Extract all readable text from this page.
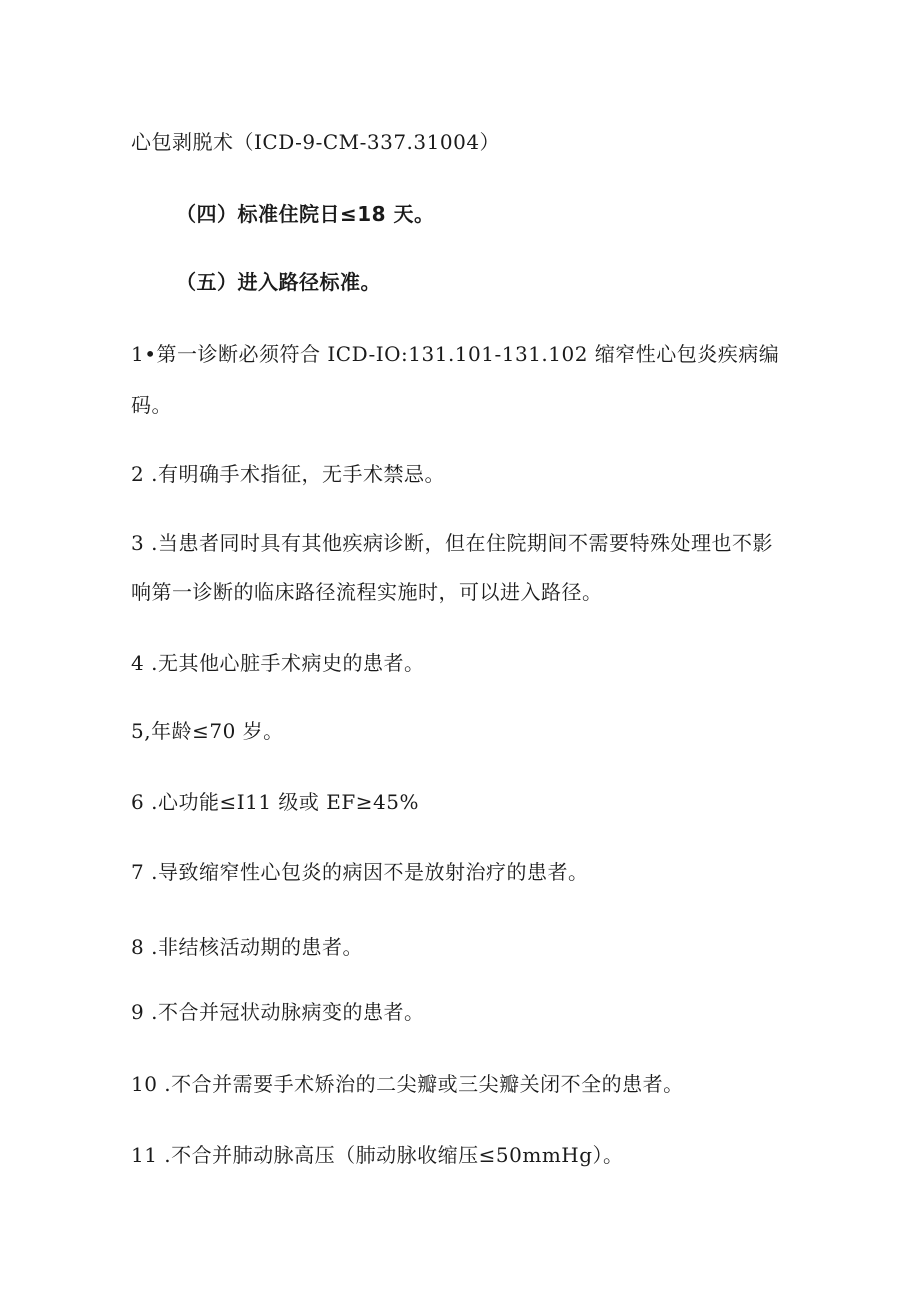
心包剥脱术（ICD-9-CM-337.31004）
（四）标准住院日≤18 天。
（五）进入路径标准。
1•第一诊断必须符合 ICD-IO:131.101-131.102 缩窄性心包炎疾病编
码。
2 .有明确手术指征，无手术禁忌。
3 .当患者同时具有其他疾病诊断，但在住院期间不需要特殊处理也不影
响第一诊断的临床路径流程实施时，可以进入路径。
4 .无其他心脏手术病史的患者。
5,年龄≤70 岁。
6 .心功能≤I11 级或 EF≥45%
7 .导致缩窄性心包炎的病因不是放射治疗的患者。
8 .非结核活动期的患者。
9 .不合并冠状动脉病变的患者。
10 .不合并需要手术矫治的二尖瓣或三尖瓣关闭不全的患者。
11 .不合并肺动脉高压（肺动脉收缩压≤50mmHg）。
